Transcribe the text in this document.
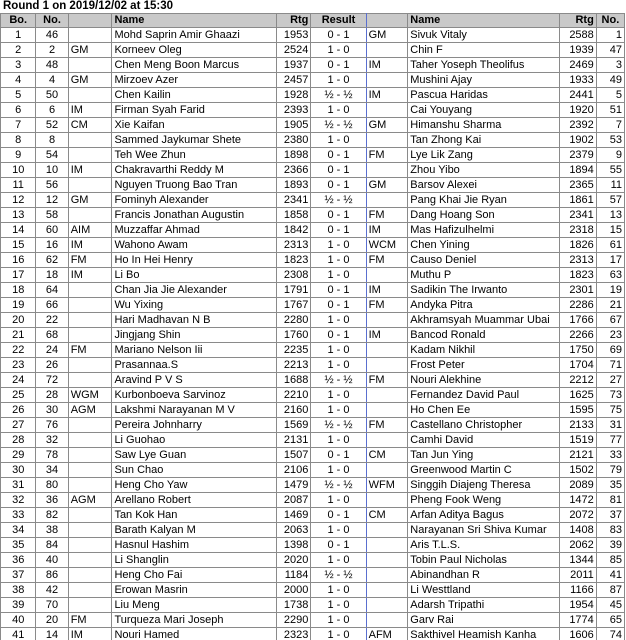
Round 1 on 2019/12/02 at 15:30
Bo.	No.		Name	Rtg	Result		Name	Rtg	No.
1	46		Mohd Saprin Amir Ghaazi	1953	0 - 1	GM	Sivuk Vitaly	2588	1
2	2	GM	Korneev Oleg	2524	1 - 0		Chin F	1939	47
3	48		Chen Meng Boon Marcus	1937	0 - 1	IM	Taher Yoseph Theolifus	2469	3
4	4	GM	Mirzoev Azer	2457	1 - 0		Mushini Ajay	1933	49
5	50		Chen Kailin	1928	½ - ½	IM	Pascua Haridas	2441	5
6	6	IM	Firman Syah Farid	2393	1 - 0		Cai Youyang	1920	51
7	52	CM	Xie Kaifan	1905	½ - ½	GM	Himanshu Sharma	2392	7
8	8		Sammed Jaykumar Shete	2380	1 - 0		Tan Zhong Kai	1902	53
9	54		Teh Wee Zhun	1898	0 - 1	FM	Lye Lik Zang	2379	9
10	10	IM	Chakravarthi Reddy M	2366	0 - 1		Zhou Yibo	1894	55
11	56		Nguyen Truong Bao Tran	1893	0 - 1	GM	Barsov Alexei	2365	11
12	12	GM	Fominyh Alexander	2341	½ - ½		Pang Khai Jie Ryan	1861	57
13	58		Francis Jonathan Augustin	1858	0 - 1	FM	Dang Hoang Son	2341	13
14	60	AIM	Muzzaffar Ahmad	1842	0 - 1	IM	Mas Hafizulhelmi	2318	15
15	16	IM	Wahono Awam	2313	1 - 0	WCM	Chen Yining	1826	61
16	62	FM	Ho In Hei Henry	1823	1 - 0	FM	Causo Deniel	2313	17
17	18	IM	Li Bo	2308	1 - 0		Muthu P	1823	63
18	64		Chan Jia Jie Alexander	1791	0 - 1	IM	Sadikin The Irwanto	2301	19
19	66		Wu Yixing	1767	0 - 1	FM	Andyka Pitra	2286	21
20	22		Hari Madhavan N B	2280	1 - 0		Akhramsyah Muammar Ubai	1766	67
21	68		Jingjang Shin	1760	0 - 1	IM	Bancod Ronald	2266	23
22	24	FM	Mariano Nelson Iii	2235	1 - 0		Kadam Nikhil	1750	69
23	26		Prasannaa.S	2213	1 - 0		Frost Peter	1704	71
24	72		Aravind P V S	1688	½ - ½	FM	Nouri Alekhine	2212	27
25	28	WGM	Kurbonboeva Sarvinoz	2210	1 - 0		Fernandez David Paul	1625	73
26	30	AGM	Lakshmi Narayanan M V	2160	1 - 0		Ho Chen Ee	1595	75
27	76		Pereira Johnharry	1569	½ - ½	FM	Castellano Christopher	2133	31
28	32		Li Guohao	2131	1 - 0		Camhi David	1519	77
29	78		Saw Lye Guan	1507	0 - 1	CM	Tan Jun Ying	2121	33
30	34		Sun Chao	2106	1 - 0		Greenwood Martin C	1502	79
31	80		Heng Cho Yaw	1479	½ - ½	WFM	Singgih Diajeng Theresa	2089	35
32	36	AGM	Arellano Robert	2087	1 - 0		Pheng Fook Weng	1472	81
33	82		Tan Kok Han	1469	0 - 1	CM	Arfan Aditya Bagus	2072	37
34	38		Barath Kalyan M	2063	1 - 0		Narayanan Sri Shiva Kumar	1408	83
35	84		Hasnul Hashim	1398	0 - 1		Aris T.L.S.	2062	39
36	40		Li Shanglin	2020	1 - 0		Tobin Paul Nicholas	1344	85
37	86		Heng Cho Fai	1184	½ - ½		Abinandhan R	2011	41
38	42		Erowan Masrin	2000	1 - 0		Li Westtland	1166	87
39	70		Liu Meng	1738	1 - 0		Adarsh Tripathi	1954	45
40	20	FM	Turqueza Mari Joseph	2290	1 - 0		Garv Rai	1774	65
41	14	IM	Nouri Hamed	2323	1 - 0	AFM	Sakthivel Heamish Kanha	1606	74
